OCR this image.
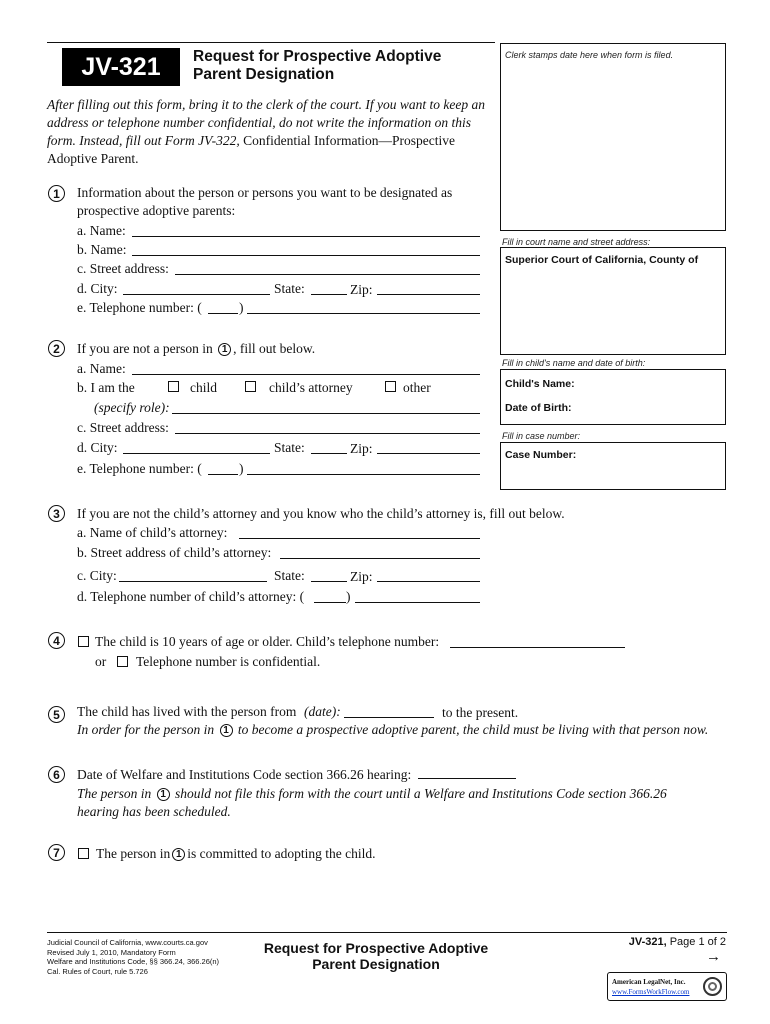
JV-321	Request for Prospective Adoptive
Parent Designation
Clerk stamps date here when form is filed.
Fill in court name and street address:
Superior Court of California, County of
Fill in child's name and date of birth:
Child's Name:
Date of Birth:
Fill in case number:
Case Number:
After filling out this form, bring it to the clerk of the court. If you want to keep an address or telephone number confidential, do not write the information on this form. Instead, fill out Form JV-322, Confidential Information—Prospective Adoptive Parent.
1	Information about the person or persons you want to be designated as
prospective adoptive parents:
a. Name:
b. Name:
c. Street address:
d. City:	State:	Zip:
e. Telephone number: (	)
2	If you are not a person in 1 , fill out below.
a. Name:
b. I am the	child	child’s attorney	other
(specify role):
c. Street address:
d. City:	State:	Zip:
e. Telephone number: (	)
3	If you are not the child’s attorney and you know who the child’s attorney is, fill out below.
a. Name of child’s attorney:
b. Street address of child’s attorney:
c. City:	State:	Zip:
d. Telephone number of child’s attorney: (	)
4	The child is 10 years of age or older. Child’s telephone number:
or Telephone number is confidential.
5	The child has lived with the person from (date):	to the present.
In order for the person in 1 to become a prospective adoptive parent, the child must be living with that person now.
6	Date of Welfare and Institutions Code section 366.26 hearing:
The person in 1 should not file this form with the court until a Welfare and Institutions Code section 366.26
hearing has been scheduled.
7	The person in 1 is committed to adopting the child.
Judicial Council of California, www.courts.ca.gov
Revised July 1, 2010, Mandatory Form
Welfare and Institutions Code, §§ 366.24, 366.26(n)
Cal. Rules of Court, rule 5.726
Request for Prospective Adoptive
Parent Designation
JV-321, Page 1 of 2
→
American LegalNet, Inc.
www.FormsWorkFlow.com
